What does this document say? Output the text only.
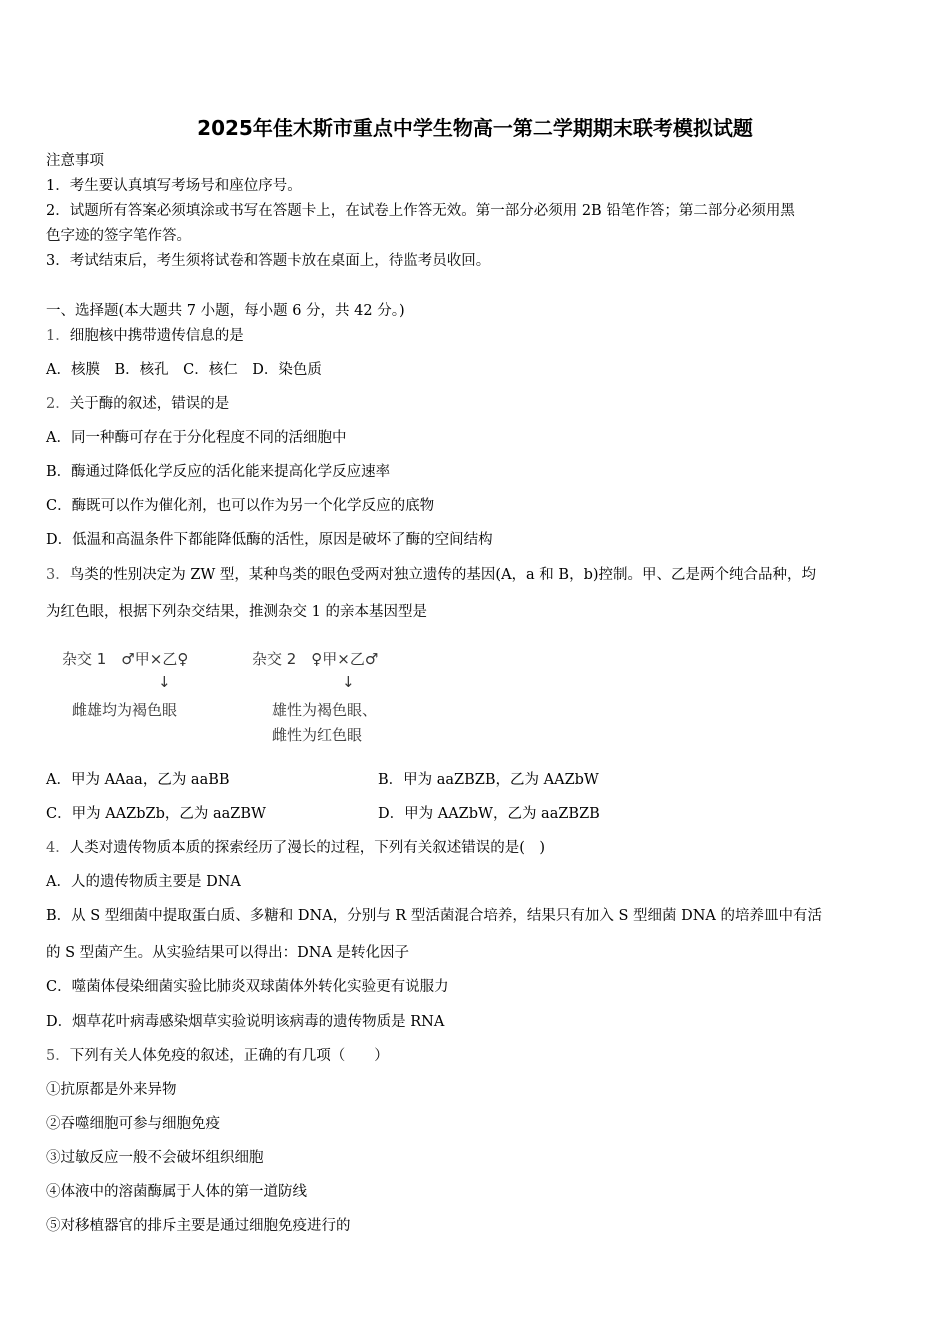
2025年佳木斯市重点中学生物高一第二学期期末联考模拟试题
注意事项
1．考生要认真填写考场号和座位序号。
2．试题所有答案必须填涂或书写在答题卡上，在试卷上作答无效。第一部分必须用 2B 铅笔作答；第二部分必须用黑
色字迹的签字笔作答。
3．考试结束后，考生须将试卷和答题卡放在桌面上，待监考员收回。
一、选择题(本大题共 7 小题，每小题 6 分，共 42 分。)
1．细胞核中携带遗传信息的是
A．核膜　B．核孔　C．核仁　D．染色质
2．关于酶的叙述，错误的是
A．同一种酶可存在于分化程度不同的活细胞中
B．酶通过降低化学反应的活化能来提高化学反应速率
C．酶既可以作为催化剂，也可以作为另一个化学反应的底物
D．低温和高温条件下都能降低酶的活性，原因是破坏了酶的空间结构
3．鸟类的性别决定为 ZW 型，某种鸟类的眼色受两对独立遗传的基因(A，a 和 B，b)控制。甲、乙是两个纯合品种，均
为红色眼，根据下列杂交结果，推测杂交 1 的亲本基因型是
杂交 1　♂甲×乙♀
↓
雌雄均为褐色眼
杂交 2　♀甲×乙♂
↓
雄性为褐色眼、
雌性为红色眼
A．甲为 AAaa，乙为 aaBB	B．甲为 aaZBZB，乙为 AAZbW
C．甲为 AAZbZb，乙为 aaZBW	D．甲为 AAZbW，乙为 aaZBZB
4．人类对遗传物质本质的探索经历了漫长的过程，下列有关叙述错误的是(　)
A．人的遗传物质主要是 DNA
B．从 S 型细菌中提取蛋白质、多糖和 DNA，分别与 R 型活菌混合培养，结果只有加入 S 型细菌 DNA 的培养皿中有活
的 S 型菌产生。从实验结果可以得出：DNA 是转化因子
C．噬菌体侵染细菌实验比肺炎双球菌体外转化实验更有说服力
D．烟草花叶病毒感染烟草实验说明该病毒的遗传物质是 RNA
5．下列有关人体免疫的叙述，正确的有几项（　　）
①抗原都是外来异物
②吞噬细胞可参与细胞免疫
③过敏反应一般不会破坏组织细胞
④体液中的溶菌酶属于人体的第一道防线
⑤对移植器官的排斥主要是通过细胞免疫进行的
